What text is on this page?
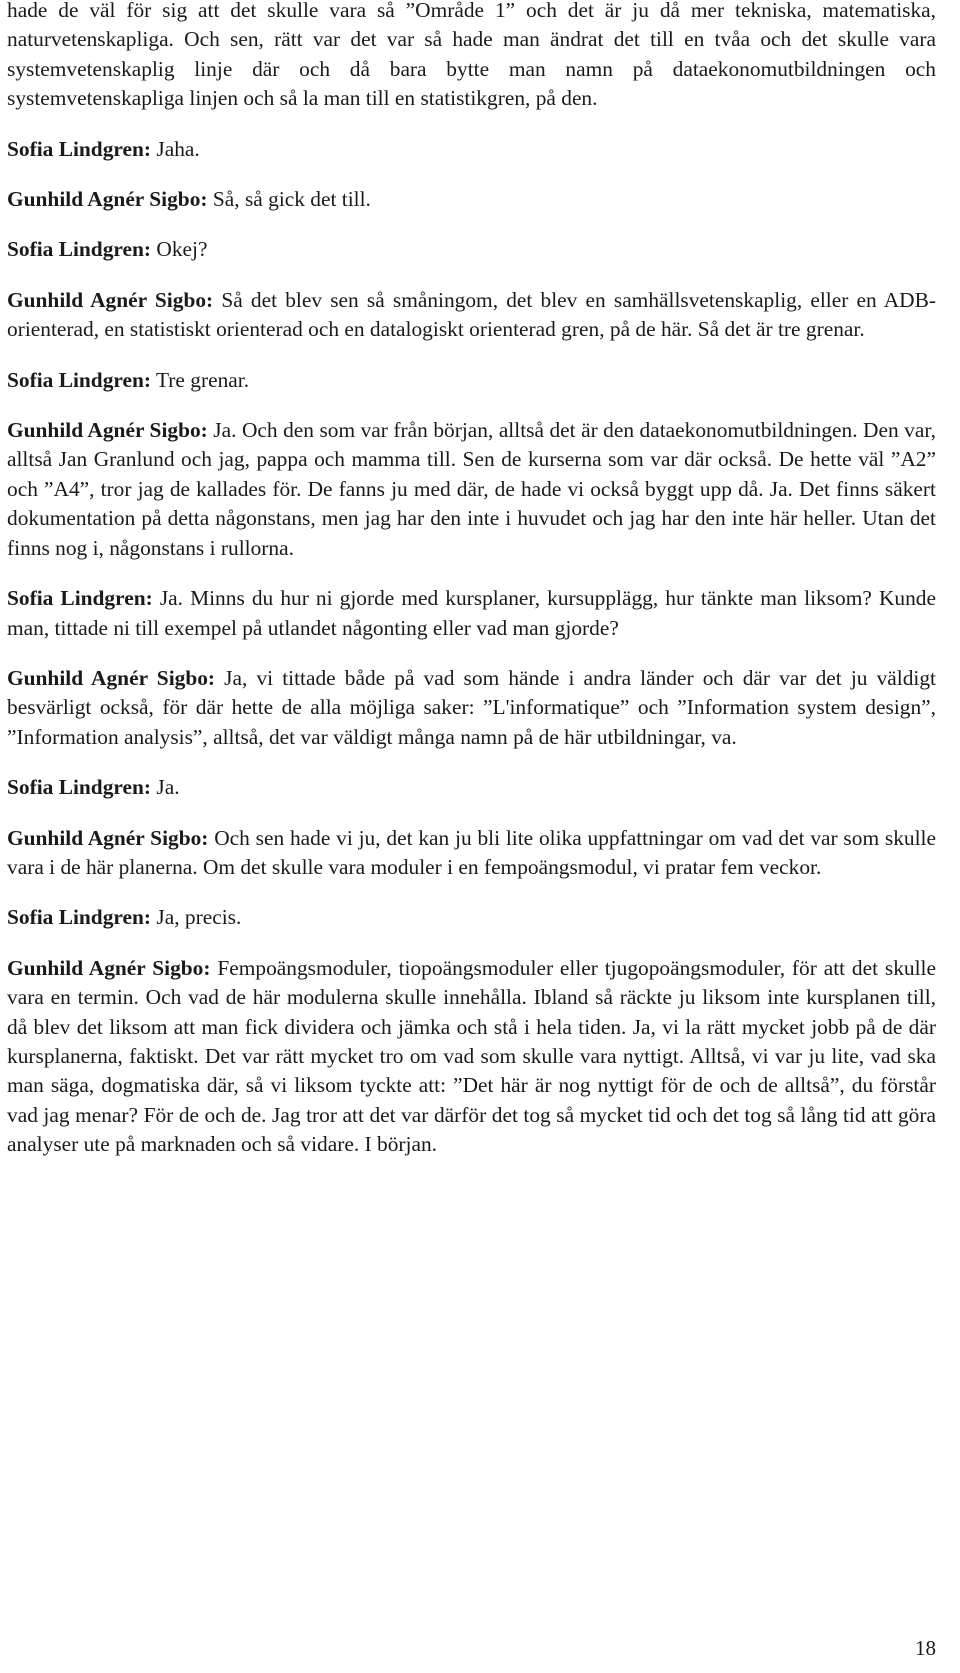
hade de väl för sig att det skulle vara så ”Område 1” och det är ju då mer tekniska, matematiska, naturvetenskapliga. Och sen, rätt var det var så hade man ändrat det till en tvåa och det skulle vara systemvetenskaplig linje där och då bara bytte man namn på dataekonomutbildningen och systemvetenskapliga linjen och så la man till en statistikgren, på den.

Sofia Lindgren: Jaha.

Gunhild Agnér Sigbo: Så, så gick det till.

Sofia Lindgren: Okej?

Gunhild Agnér Sigbo: Så det blev sen så småningom, det blev en samhällsvetenskaplig, eller en ADB-orienterad, en statistiskt orienterad och en datalogiskt orienterad gren, på de här. Så det är tre grenar.

Sofia Lindgren: Tre grenar.

Gunhild Agnér Sigbo: Ja. Och den som var från början, alltså det är den dataekonomutbildningen. Den var, alltså Jan Granlund och jag, pappa och mamma till. Sen de kurserna som var där också. De hette väl ”A2” och ”A4”, tror jag de kallades för. De fanns ju med där, de hade vi också byggt upp då. Ja. Det finns säkert dokumentation på detta någonstans, men jag har den inte i huvudet och jag har den inte här heller. Utan det finns nog i, någonstans i rullorna.

Sofia Lindgren: Ja. Minns du hur ni gjorde med kursplaner, kursupplägg, hur tänkte man liksom? Kunde man, tittade ni till exempel på utlandet någonting eller vad man gjorde?

Gunhild Agnér Sigbo: Ja, vi tittade både på vad som hände i andra länder och där var det ju väldigt besvärligt också, för där hette de alla möjliga saker: ”L'informatique” och ”Information system design”, ”Information analysis”, alltså, det var väldigt många namn på de här utbildningar, va.

Sofia Lindgren: Ja.

Gunhild Agnér Sigbo: Och sen hade vi ju, det kan ju bli lite olika uppfattningar om vad det var som skulle vara i de här planerna. Om det skulle vara moduler i en fempoängsmodul, vi pratar fem veckor.

Sofia Lindgren: Ja, precis.

Gunhild Agnér Sigbo: Fempoängsmoduler, tiopoängsmoduler eller tjugopoängsmoduler, för att det skulle vara en termin. Och vad de här modulerna skulle innehålla. Ibland så räckte ju liksom inte kursplanen till, då blev det liksom att man fick dividera och jämka och stå i hela tiden. Ja, vi la rätt mycket jobb på de där kursplanerna, faktiskt. Det var rätt mycket tro om vad som skulle vara nyttigt. Alltså, vi var ju lite, vad ska man säga, dogmatiska där, så vi liksom tyckte att: ”Det här är nog nyttigt för de och de alltså”, du förstår vad jag menar? För de och de. Jag tror att det var därför det tog så mycket tid och det tog så lång tid att göra analyser ute på marknaden och så vidare. I början.

18
